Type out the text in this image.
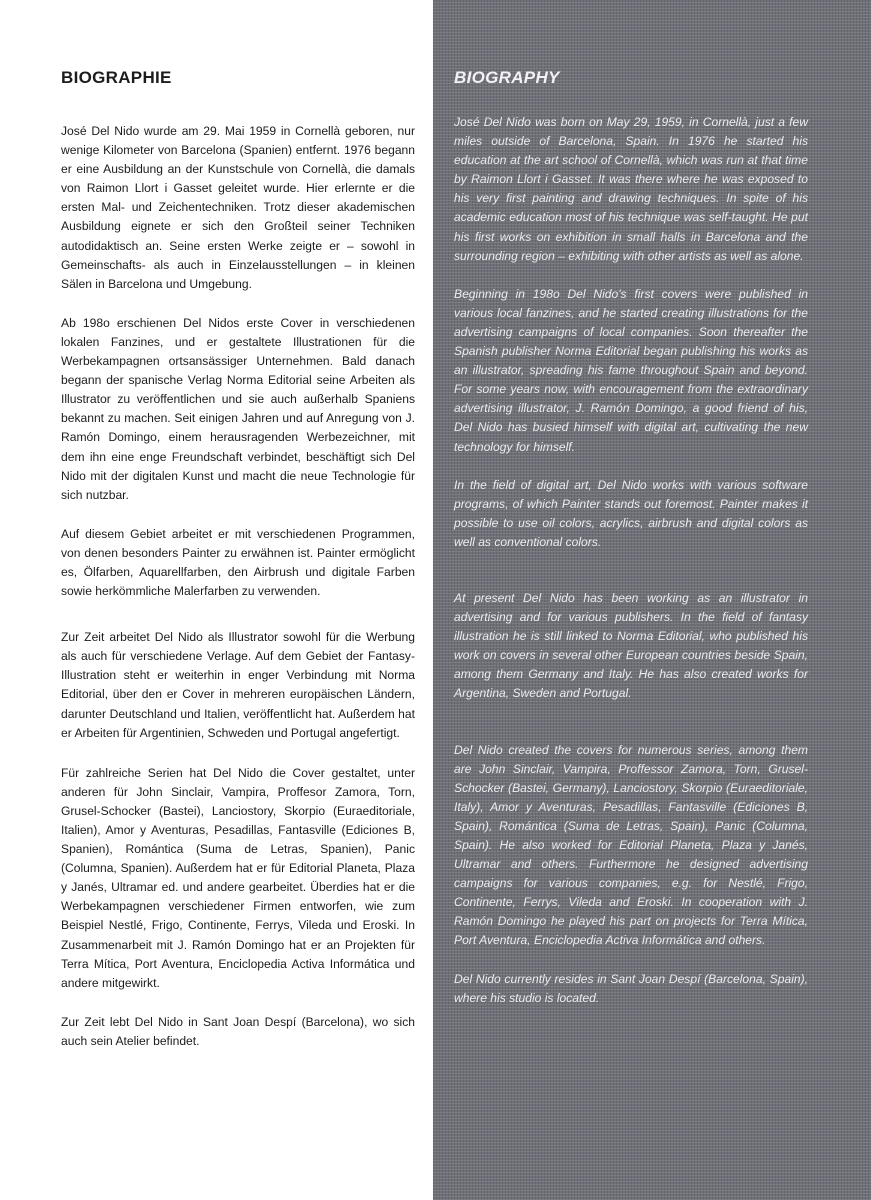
BIOGRAPHIE

José Del Nido wurde am 29. Mai 1959 in Cornellà geboren, nur wenige Kilometer von Barcelona (Spanien) entfernt. 1976 begann er eine Ausbildung an der Kunstschule von Cornellà, die damals von Raimon Llort i Gasset geleitet wurde. Hier erlernte er die ersten Mal- und Zeichentechniken. Trotz dieser akademischen Ausbildung eignete er sich den Großteil seiner Techniken autodidaktisch an. Seine ersten Werke zeigte er – sowohl in Gemeinschafts- als auch in Einzelausstellungen – in kleinen Sälen in Barcelona und Umgebung.

Ab 198o erschienen Del Nidos erste Cover in verschiedenen lokalen Fanzines, und er gestaltete Illustrationen für die Werbekampagnen ortsansässiger Unternehmen. Bald danach begann der spanische Verlag Norma Editorial seine Arbeiten als Illustrator zu veröffentlichen und sie auch außerhalb Spaniens bekannt zu machen. Seit einigen Jahren und auf Anregung von J. Ramón Domingo, einem herausragenden Werbezeichner, mit dem ihn eine enge Freundschaft verbindet, beschäftigt sich Del Nido mit der digitalen Kunst und macht die neue Technologie für sich nutzbar.

Auf diesem Gebiet arbeitet er mit verschiedenen Programmen, von denen besonders Painter zu erwähnen ist. Painter ermöglicht es, Ölfarben, Aquarellfarben, den Airbrush und digitale Farben sowie herkömmliche Malerfarben zu verwenden.

Zur Zeit arbeitet Del Nido als Illustrator sowohl für die Werbung als auch für verschiedene Verlage. Auf dem Gebiet der Fantasy-Illustration steht er weiterhin in enger Verbindung mit Norma Editorial, über den er Cover in mehreren europäischen Ländern, darunter Deutschland und Italien, veröffentlicht hat. Außerdem hat er Arbeiten für Argentinien, Schweden und Portugal angefertigt.

Für zahlreiche Serien hat Del Nido die Cover gestaltet, unter anderen für John Sinclair, Vampira, Proffesor Zamora, Torn, Grusel-Schocker (Bastei), Lanciostory, Skorpio (Euraeditoriale, Italien), Amor y Aventuras, Pesadillas, Fantasville (Ediciones B, Spanien), Romántica (Suma de Letras, Spanien), Panic (Columna, Spanien). Außerdem hat er für Editorial Planeta, Plaza y Janés, Ultramar ed. und andere gearbeitet. Überdies hat er die Werbekampagnen verschiedener Firmen entworfen, wie zum Beispiel Nestlé, Frigo, Continente, Ferrys, Vileda und Eroski. In Zusammenarbeit mit J. Ramón Domingo hat er an Projekten für Terra Mítica, Port Aventura, Enciclopedia Activa Informática und andere mitgewirkt.

Zur Zeit lebt Del Nido in Sant Joan Despí (Barcelona), wo sich auch sein Atelier befindet.

BIOGRAPHY

José Del Nido was born on May 29, 1959, in Cornellà, just a few miles outside of Barcelona, Spain. In 1976 he started his education at the art school of Cornellà, which was run at that time by Raimon Llort i Gasset. It was there where he was exposed to his very first painting and drawing techniques. In spite of his academic education most of his technique was self-taught. He put his first works on exhibition in small halls in Barcelona and the surrounding region – exhibiting with other artists as well as alone.

Beginning in 198o Del Nido's first covers were published in various local fanzines, and he started creating illustrations for the advertising campaigns of local companies. Soon thereafter the Spanish publisher Norma Editorial began publishing his works as an illustrator, spreading his fame throughout Spain and beyond. For some years now, with encouragement from the extraordinary advertising illustrator, J. Ramón Domingo, a good friend of his, Del Nido has busied himself with digital art, cultivating the new technology for himself.

In the field of digital art, Del Nido works with various software programs, of which Painter stands out foremost. Painter makes it possible to use oil colors, acrylics, airbrush and digital colors as well as conventional colors.

At present Del Nido has been working as an illustrator in advertising and for various publishers. In the field of fantasy illustration he is still linked to Norma Editorial, who published his work on covers in several other European countries beside Spain, among them Germany and Italy. He has also created works for Argentina, Sweden and Portugal.

Del Nido created the covers for numerous series, among them are John Sinclair, Vampira, Proffessor Zamora, Torn, Grusel-Schocker (Bastei, Germany), Lanciostory, Skorpio (Euraeditoriale, Italy), Amor y Aventuras, Pesadillas, Fantasville (Ediciones B, Spain), Romántica (Suma de Letras, Spain), Panic (Columna, Spain). He also worked for Editorial Planeta, Plaza y Janés, Ultramar and others. Furthermore he designed advertising campaigns for various companies, e.g. for Nestlé, Frigo, Continente, Ferrys, Vileda and Eroski. In cooperation with J. Ramón Domingo he played his part on projects for Terra Mítica, Port Aventura, Enciclopedia Activa Informática and others.

Del Nido currently resides in Sant Joan Despí (Barcelona, Spain), where his studio is located.
